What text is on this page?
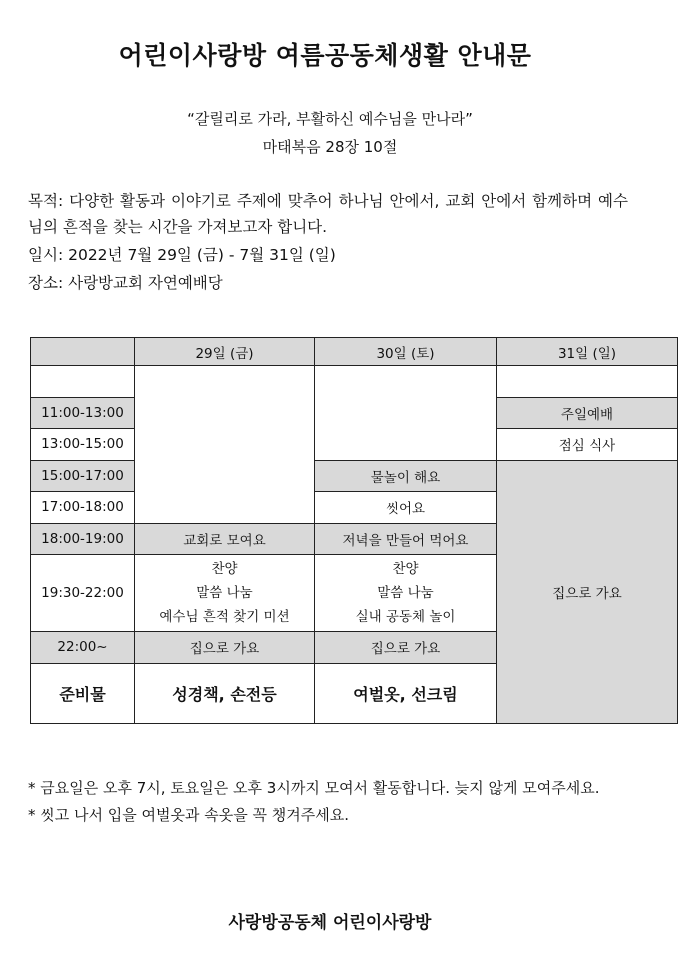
어린이사랑방 여름공동체생활 안내문
“갈릴리로 가라, 부활하신 예수님을 만나라”
마태복음 28장 10절

목적: 다양한 활동과 이야기로 주제에 맞추어 하나님 안에서, 교회 안에서 함께하며 예수님의 흔적을 찾는 시간을 가져보고자 합니다.

일시: 2022년 7월 29일 (금) - 7월 31일 (일)

장소: 사랑방교회 자연예배당

	29일 (금)	30일 (토)	31일 (일)

11:00-13:00			주일예배
13:00-15:00			점심 식사
15:00-17:00		물놀이 해요	집으로 가요
17:00-18:00		씻어요	
18:00-19:00	교회로 모여요	저녁을 만들어 먹어요	
19:30-22:00	찬양
말씀 나눔
예수님 흔적 찾기 미션	찬양
말씀 나눔
실내 공동체 놀이	

22:00~	집으로 가요	집으로 가요	
준비물	성경책, 손전등	여벌옷, 선크림	

* 금요일은 오후 7시, 토요일은 오후 3시까지 모여서 활동합니다. 늦지 않게 모여주세요.

* 씻고 나서 입을 여벌옷과 속옷을 꼭 챙겨주세요.

사랑방공동체 어린이사랑방
